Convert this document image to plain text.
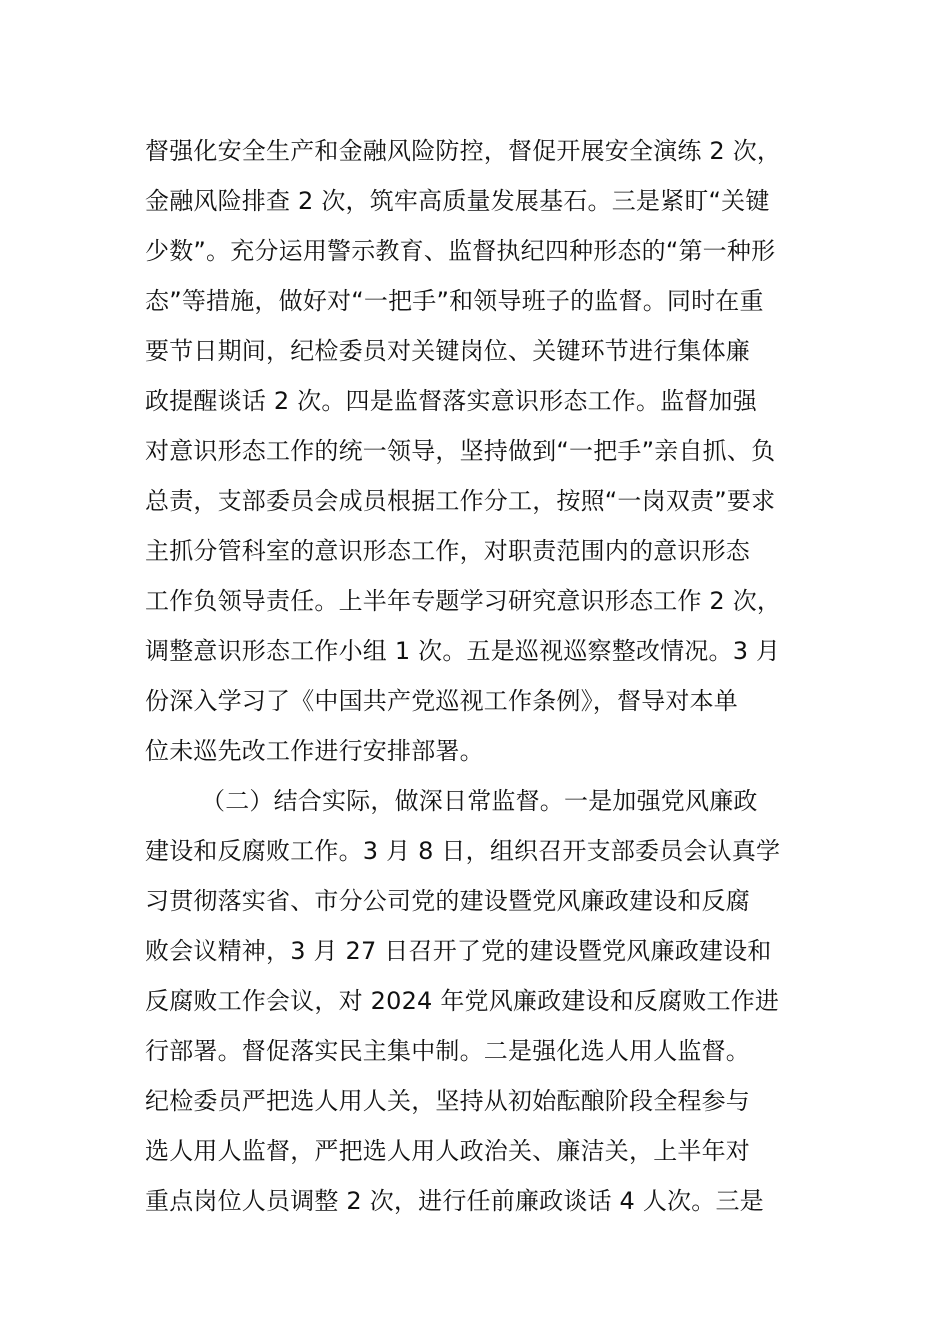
督强化安全生产和金融风险防控，督促开展安全演练 2 次，
金融风险排查 2 次，筑牢高质量发展基石。三是紧盯“关键
少数”。充分运用警示教育、监督执纪四种形态的“第一种形
态”等措施，做好对“一把手”和领导班子的监督。同时在重
要节日期间，纪检委员对关键岗位、关键环节进行集体廉
政提醒谈话 2 次。四是监督落实意识形态工作。监督加强
对意识形态工作的统一领导，坚持做到“一把手”亲自抓、负
总责，支部委员会成员根据工作分工，按照“一岗双责”要求
主抓分管科室的意识形态工作，对职责范围内的意识形态
工作负领导责任。上半年专题学习研究意识形态工作 2 次，
调整意识形态工作小组 1 次。五是巡视巡察整改情况。3 月
份深入学习了《中国共产党巡视工作条例》，督导对本单
位未巡先改工作进行安排部署。
（二）结合实际，做深日常监督。一是加强党风廉政
建设和反腐败工作。3 月 8 日，组织召开支部委员会认真学
习贯彻落实省、市分公司党的建设暨党风廉政建设和反腐
败会议精神，3 月 27 日召开了党的建设暨党风廉政建设和
反腐败工作会议，对 2024 年党风廉政建设和反腐败工作进
行部署。督促落实民主集中制。二是强化选人用人监督。
纪检委员严把选人用人关，坚持从初始酝酿阶段全程参与
选人用人监督，严把选人用人政治关、廉洁关，上半年对
重点岗位人员调整 2 次，进行任前廉政谈话 4 人次。三是
